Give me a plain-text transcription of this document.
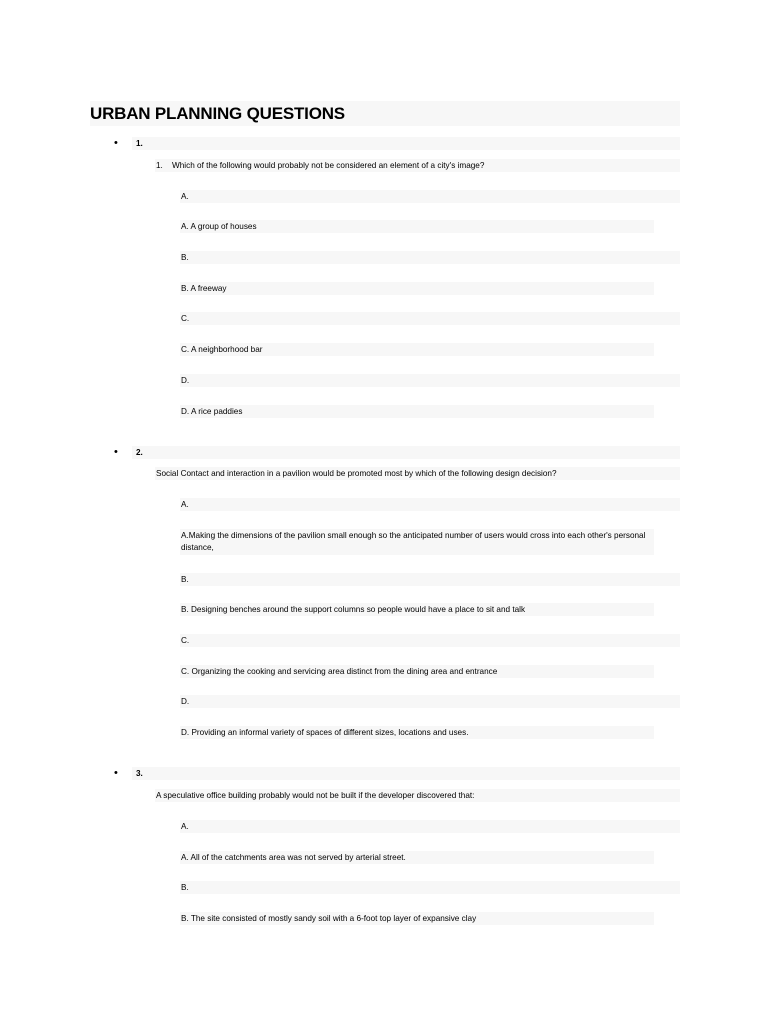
URBAN PLANNING QUESTIONS
• 1.
1. Which of the following would probably not be considered an element of a city's image?
A.
A. A group of houses
B.
B. A freeway
C.
C. A neighborhood bar
D.
D. A rice paddies
• 2.
Social Contact and interaction in a pavilion would be promoted most by which of the following design decision?
A.
A.Making the dimensions of the pavilion small enough so the anticipated number of users would cross into each other's personal distance,
B.
B. Designing benches around the support columns so people would have a place to sit and talk
C.
C. Organizing the cooking and servicing area distinct from the dining area and entrance
D.
D. Providing an informal variety of spaces of different sizes, locations and uses.
• 3.
A speculative office building probably would not be built if the developer discovered that:
A.
A. All of the catchments area was not served by arterial street.
B.
B. The site consisted of mostly sandy soil with a 6-foot top layer of expansive clay
